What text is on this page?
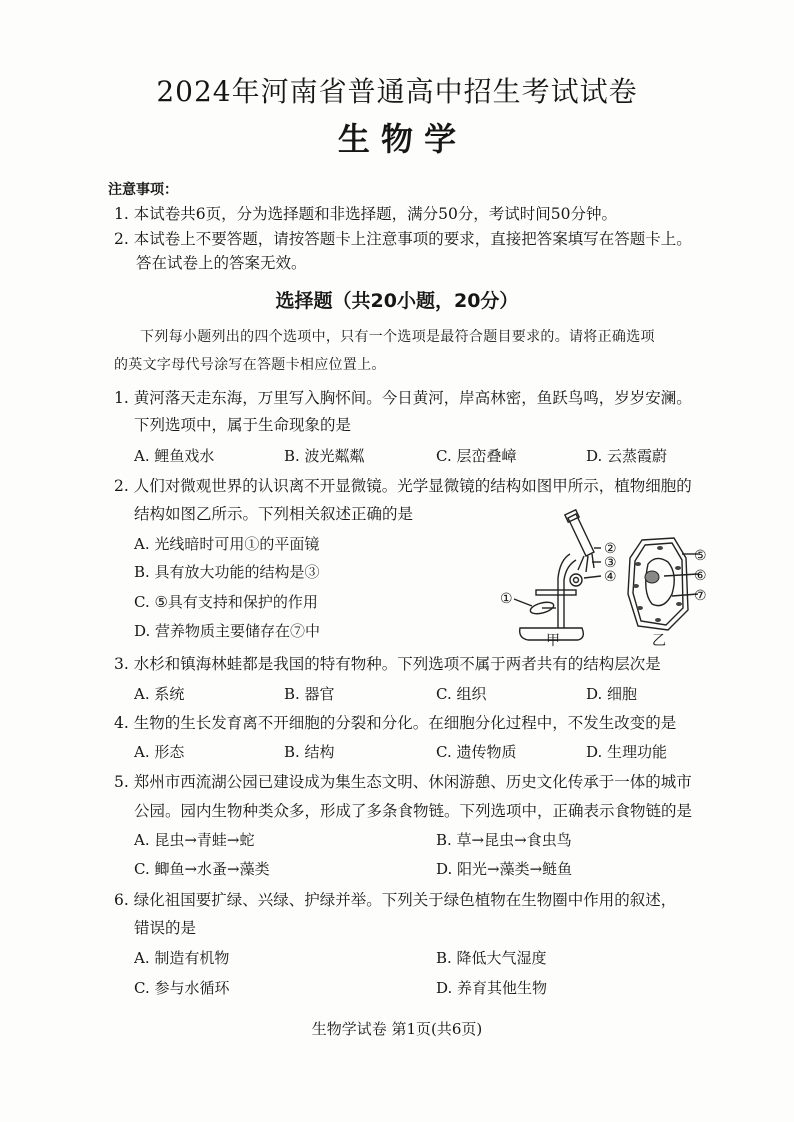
2024年河南省普通高中招生考试试卷
生 物 学
注意事项：
1. 本试卷共6页，分为选择题和非选择题，满分50分，考试时间50分钟。
2. 本试卷上不要答题，请按答题卡上注意事项的要求，直接把答案填写在答题卡上。
答在试卷上的答案无效。
选择题（共20小题，20分）
下列每小题列出的四个选项中，只有一个选项是最符合题目要求的。请将正确选项
的英文字母代号涂写在答题卡相应位置上。
1. 黄河落天走东海，万里写入胸怀间。今日黄河，岸高林密，鱼跃鸟鸣，岁岁安澜。
下列选项中，属于生命现象的是
A. 鲤鱼戏水	B. 波光粼粼	C. 层峦叠嶂	D. 云蒸霞蔚
2. 人们对微观世界的认识离不开显微镜。光学显微镜的结构如图甲所示，植物细胞的
结构如图乙所示。下列相关叙述正确的是
A. 光线暗时可用①的平面镜
B. 具有放大功能的结构是③
C. ⑤具有支持和保护的作用
D. 营养物质主要储存在⑦中
②
③
④
①
甲
⑤
⑥
⑦
乙
3. 水杉和镇海林蛙都是我国的特有物种。下列选项不属于两者共有的结构层次是
A. 系统	B. 器官	C. 组织	D. 细胞
4. 生物的生长发育离不开细胞的分裂和分化。在细胞分化过程中，不发生改变的是
A. 形态	B. 结构	C. 遗传物质	D. 生理功能
5. 郑州市西流湖公园已建设成为集生态文明、休闲游憩、历史文化传承于一体的城市
公园。园内生物种类众多，形成了多条食物链。下列选项中，正确表示食物链的是
A. 昆虫→青蛙→蛇	B. 草→昆虫→食虫鸟
C. 鲫鱼→水蚤→藻类	D. 阳光→藻类→鲢鱼
6. 绿化祖国要扩绿、兴绿、护绿并举。下列关于绿色植物在生物圈中作用的叙述，
错误的是
A. 制造有机物	B. 降低大气湿度
C. 参与水循环	D. 养育其他生物
生物学试卷 第1页(共6页)
